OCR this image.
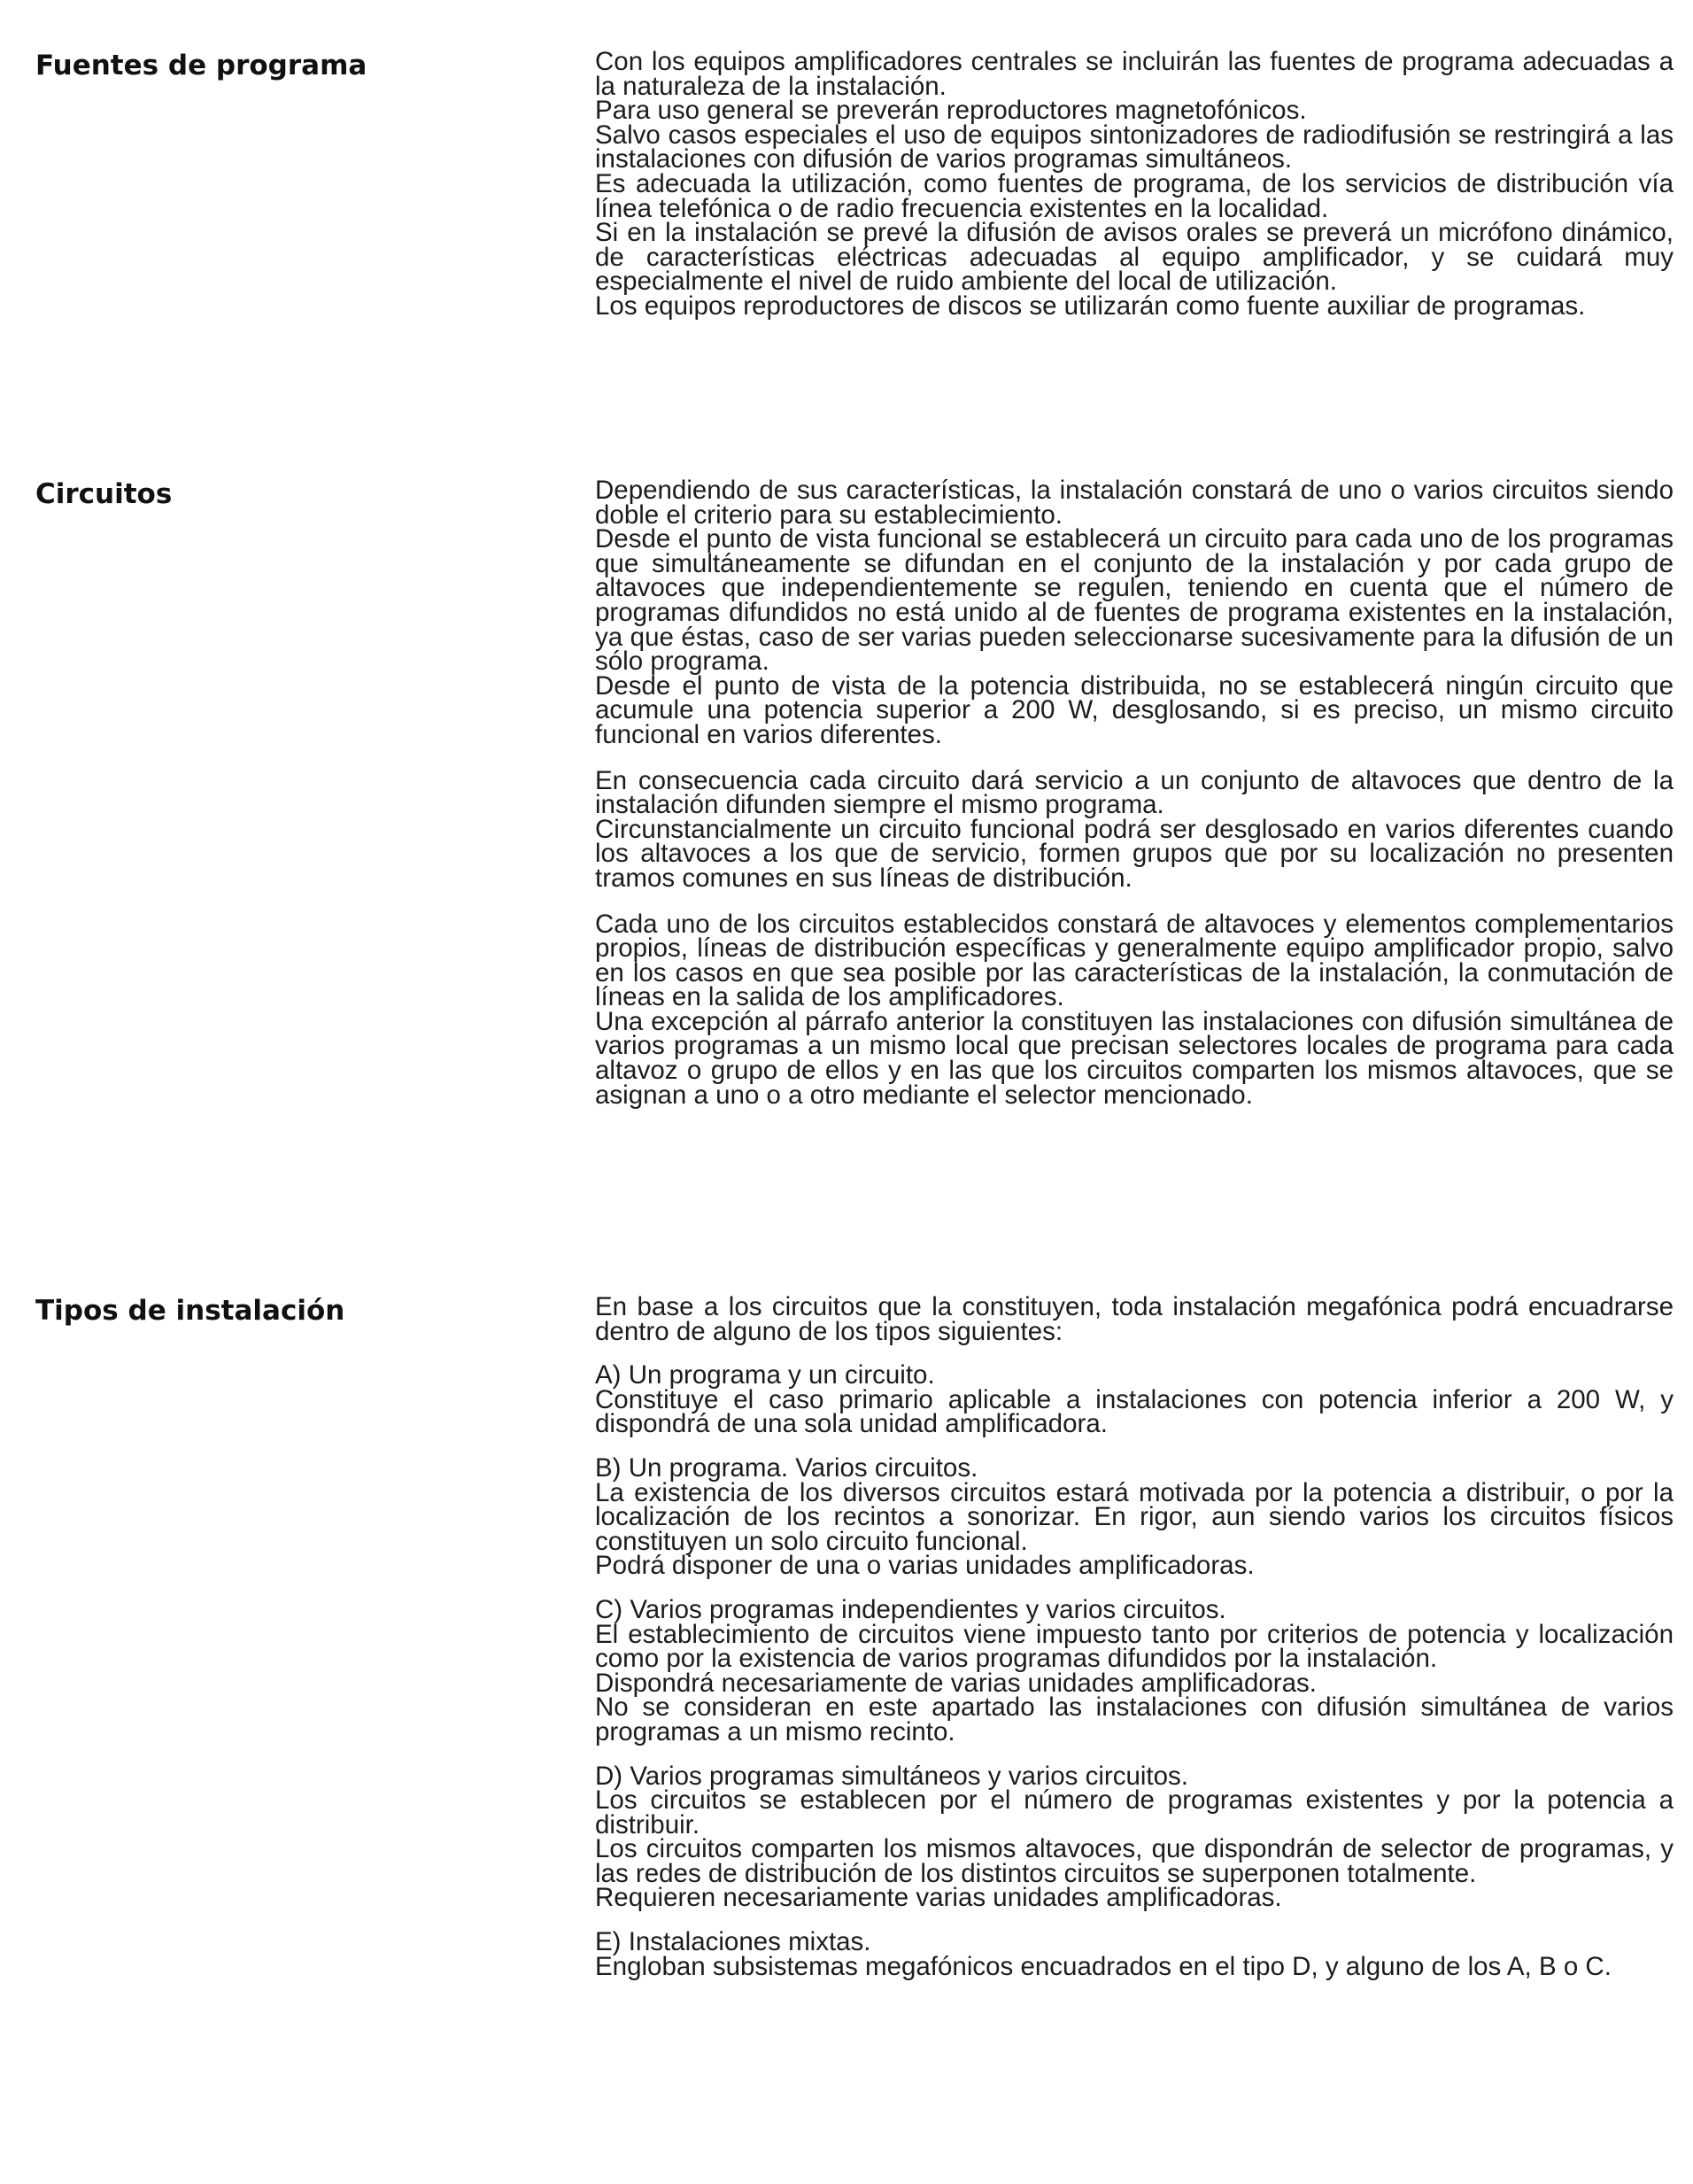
Fuentes de programa	Con los equipos amplificadores centrales se incluirán las fuentes de programa adecuadas a la naturaleza de la instalación.

Para uso general se preverán reproductores magnetofónicos.

Salvo casos especiales el uso de equipos sintonizadores de radiodifusión se restringirá a las instalaciones con difusión de varios programas simultáneos.

Es adecuada la utilización, como fuentes de programa, de los servicios de distribución vía línea telefónica o de radio frecuencia existentes en la localidad.

Si en la instalación se prevé la difusión de avisos orales se preverá un micrófono dinámico, de características eléctricas adecuadas al equipo amplificador, y se cuidará muy especialmente el nivel de ruido ambiente del local de utilización.

Los equipos reproductores de discos se utilizarán como fuente auxiliar de programas.

Circuitos	Dependiendo de sus características, la instalación constará de uno o varios circuitos siendo doble el criterio para su establecimiento.

Desde el punto de vista funcional se establecerá un circuito para cada uno de los programas que simultáneamente se difundan en el conjunto de la instalación y por cada grupo de altavoces que independientemente se regulen, teniendo en cuenta que el número de programas difundidos no está unido al de fuentes de programa existentes en la instalación, ya que éstas, caso de ser varias pueden seleccionarse sucesivamente para la difusión de un sólo programa.

Desde el punto de vista de la potencia distribuida, no se establecerá ningún circuito que acumule una potencia superior a 200 W, desglosando, si es preciso, un mismo circuito funcional en varios diferentes.

En consecuencia cada circuito dará servicio a un conjunto de altavoces que dentro de la instalación difunden siempre el mismo programa.

Circunstancialmente un circuito funcional podrá ser desglosado en varios diferentes cuando los altavoces a los que de servicio, formen grupos que por su localización no presenten tramos comunes en sus líneas de distribución.

Cada uno de los circuitos establecidos constará de altavoces y elementos complementarios propios, líneas de distribución específicas y generalmente equipo amplificador propio, salvo en los casos en que sea posible por las características de la instalación, la conmutación de líneas en la salida de los amplificadores.

Una excepción al párrafo anterior la constituyen las instalaciones con difusión simultánea de varios programas a un mismo local que precisan selectores locales de programa para cada altavoz o grupo de ellos y en las que los circuitos comparten los mismos altavoces, que se asignan a uno o a otro mediante el selector mencionado.

Tipos de instalación	En base a los circuitos que la constituyen, toda instalación megafónica podrá encuadrarse dentro de alguno de los tipos siguientes:

A) Un programa y un circuito.

Constituye el caso primario aplicable a instalaciones con potencia inferior a 200 W, y dispondrá de una sola unidad amplificadora.

B) Un programa. Varios circuitos.

La existencia de los diversos circuitos estará motivada por la potencia a distribuir, o por la localización de los recintos a sonorizar. En rigor, aun siendo varios los circuitos físicos constituyen un solo circuito funcional.

Podrá disponer de una o varias unidades amplificadoras.

C) Varios programas independientes y varios circuitos.

El establecimiento de circuitos viene impuesto tanto por criterios de potencia y localización como por la existencia de varios programas difundidos por la instalación.

Dispondrá necesariamente de varias unidades amplificadoras.

No se consideran en este apartado las instalaciones con difusión simultánea de varios programas a un mismo recinto.

D) Varios programas simultáneos y varios circuitos.

Los circuitos se establecen por el número de programas existentes y por la potencia a distribuir.

Los circuitos comparten los mismos altavoces, que dispondrán de selector de programas, y las redes de distribución de los distintos circuitos se superponen totalmente.

Requieren necesariamente varias unidades amplificadoras.

E) Instalaciones mixtas.

Engloban subsistemas megafónicos encuadrados en el tipo D, y alguno de los A, B o C.
